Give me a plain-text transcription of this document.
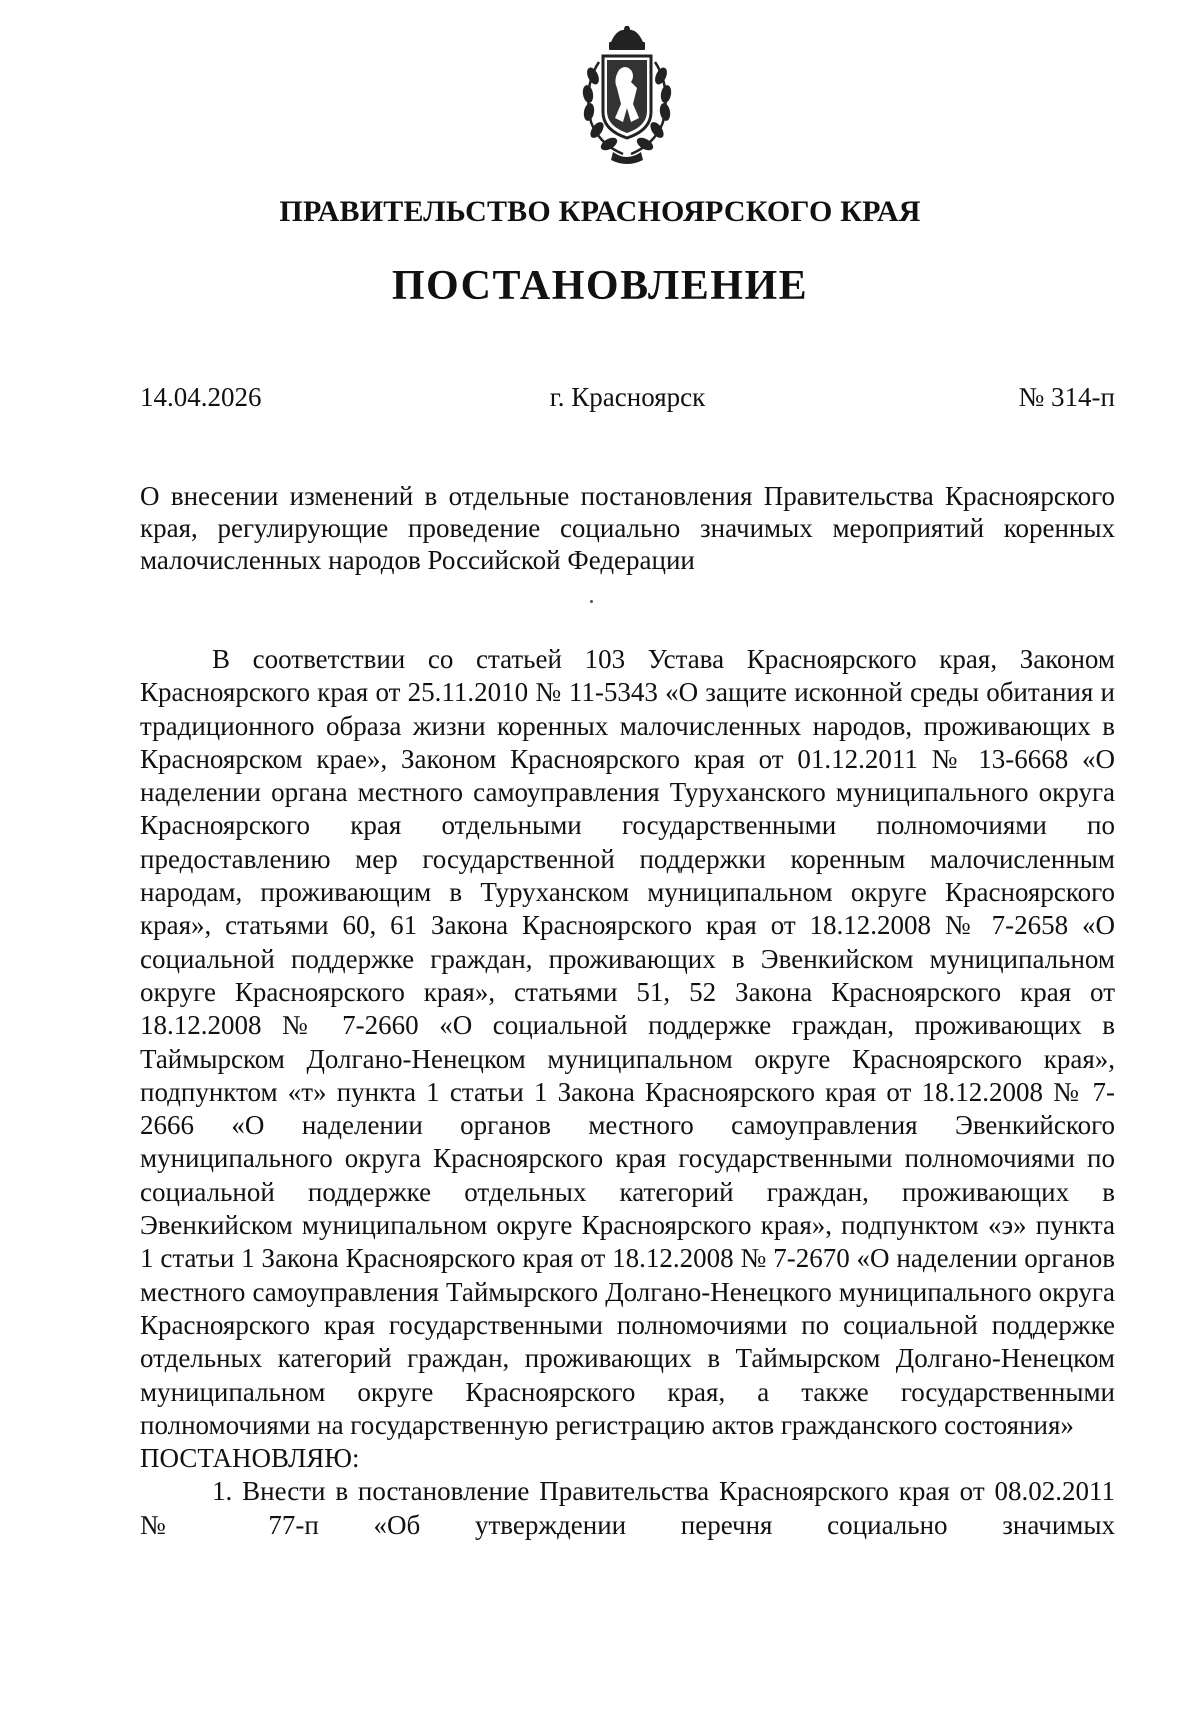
ПРАВИТЕЛЬСТВО КРАСНОЯРСКОГО КРАЯ
ПОСТАНОВЛЕНИЕ
г. Красноярск
14.04.2026	№ 314-п
О внесении изменений в отдельные постановления Правительства Красноярского края, регулирующие проведение социально значимых мероприятий коренных малочисленных народов Российской Федерации

В соответствии со статьей 103 Устава Красноярского края, Законом Красноярского края от 25.11.2010 № 11-5343 «О защите исконной среды обитания и традиционного образа жизни коренных малочисленных народов, проживающих в Красноярском крае», Законом Красноярского края от 01.12.2011 № 13-6668 «О наделении органа местного самоуправления Туруханского муниципального округа Красноярского края отдельными государственными полномочиями по предоставлению мер государственной поддержки коренным малочисленным народам, проживающим в Туруханском муниципальном округе Красноярского края», статьями 60, 61 Закона Красноярского края от 18.12.2008 № 7-2658 «О социальной поддержке граждан, проживающих в Эвенкийском муниципальном округе Красноярского края», статьями 51, 52 Закона Красноярского края от 18.12.2008 № 7-2660 «О социальной поддержке граждан, проживающих в Таймырском Долгано-Ненецком муниципальном округе Красноярского края», подпунктом «т» пункта 1 статьи 1 Закона Красноярского края от 18.12.2008 № 7-2666 «О наделении органов местного самоуправления Эвенкийского муниципального округа Красноярского края государственными полномочиями по социальной поддержке отдельных категорий граждан, проживающих в Эвенкийском муниципальном округе Красноярского края», подпунктом «э» пункта 1 статьи 1 Закона Красноярского края от 18.12.2008 № 7-2670 «О наделении органов местного самоуправления Таймырского Долгано-Ненецкого муниципального округа Красноярского края государственными полномочиями по социальной поддержке отдельных категорий граждан, проживающих в Таймырском Долгано-Ненецком муниципальном округе Красноярского края, а также государственными полномочиями на государственную регистрацию актов гражданского состояния»

ПОСТАНОВЛЯЮ:

1. Внести в постановление Правительства Красноярского края от 08.02.2011 № 77-п «Об утверждении перечня социально значимых
